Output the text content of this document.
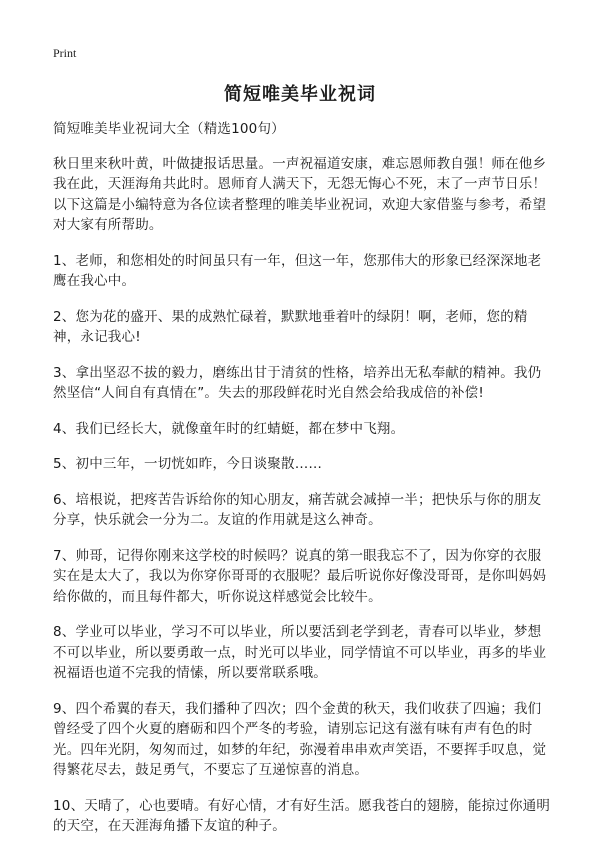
Print
简短唯美毕业祝词

简短唯美毕业祝词大全（精选100句）

秋日里来秋叶黄，叶做捷报话思量。一声祝福道安康，难忘恩师教自强！师在他乡我在此，天涯海角共此时。恩师育人满天下，无怨无悔心不死，末了一声节日乐！以下这篇是小编特意为各位读者整理的唯美毕业祝词，欢迎大家借鉴与参考，希望对大家有所帮助。

1、老师，和您相处的时间虽只有一年，但这一年，您那伟大的形象已经深深地老鹰在我心中。

2、您为花的盛开、果的成熟忙碌着，默默地垂着叶的绿阴！啊，老师，您的精神，永记我心!

3、拿出坚忍不拔的毅力，磨练出甘于清贫的性格，培养出无私奉献的精神。我仍然坚信“人间自有真情在”。失去的那段鲜花时光自然会给我成倍的补偿!

4、我们已经长大，就像童年时的红蜻蜓，都在梦中飞翔。

5、初中三年，一切恍如昨，今日谈聚散……

6、培根说，把疼苦告诉给你的知心朋友，痛苦就会减掉一半；把快乐与你的朋友分享，快乐就会一分为二。友谊的作用就是这么神奇。

7、帅哥，记得你刚来这学校的时候吗？说真的第一眼我忘不了，因为你穿的衣服实在是太大了，我以为你穿你哥哥的衣服呢？最后听说你好像没哥哥，是你叫妈妈给你做的，而且每件都大，听你说这样感觉会比较牛。

8、学业可以毕业，学习不可以毕业，所以要活到老学到老，青春可以毕业，梦想不可以毕业，所以要勇敢一点，时光可以毕业，同学情谊不可以毕业，再多的毕业祝福语也道不完我的情愫，所以要常联系哦。

9、四个希翼的春天，我们播种了四次；四个金黄的秋天，我们收获了四遍；我们曾经受了四个火夏的磨砺和四个严冬的考验，请别忘记这有滋有味有声有色的时光。四年光阴，匆匆而过，如梦的年纪，弥漫着串串欢声笑语，不要挥手叹息，觉得繁花尽去，鼓足勇气，不要忘了互递惊喜的消息。

10、天晴了，心也要晴。有好心情，才有好生活。愿我苍白的翅膀，能掠过你通明的天空，在天涯海角播下友谊的种子。
